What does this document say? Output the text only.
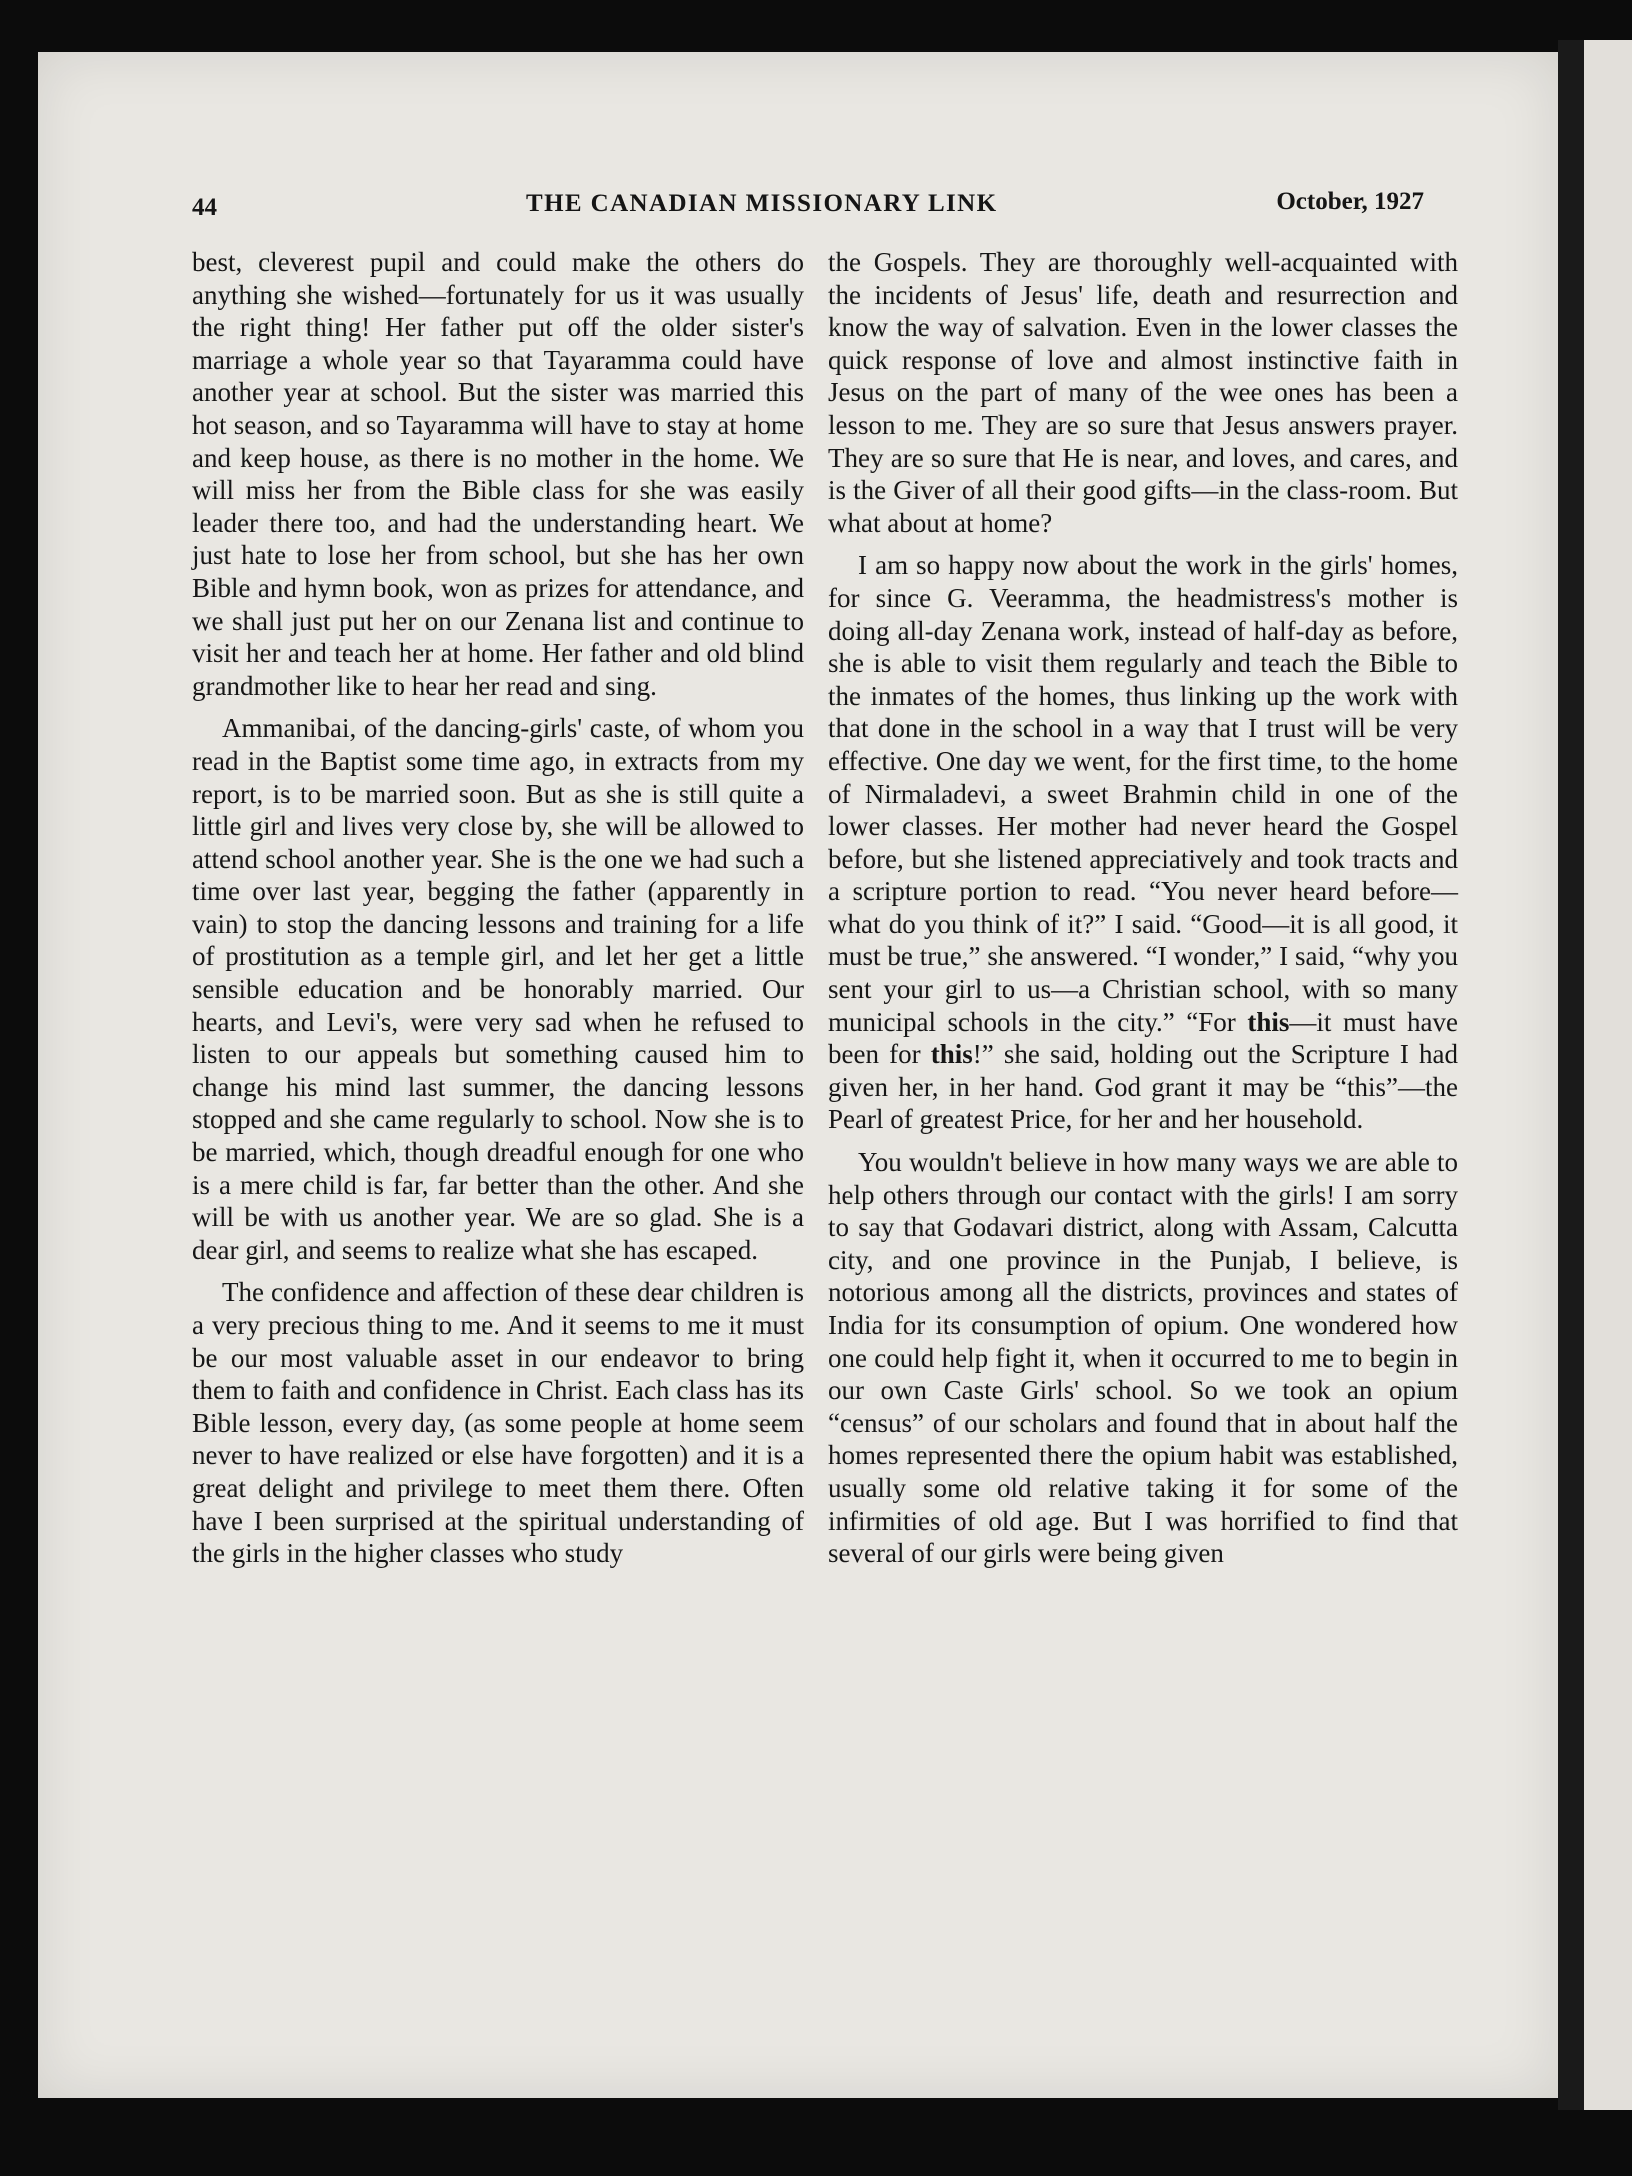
44	THE CANADIAN MISSIONARY LINK	October, 1927

best, cleverest pupil and could make the others do anything she wished—fortunately for us it was usually the right thing! Her father put off the older sister's marriage a whole year so that Tayaramma could have another year at school. But the sister was married this hot season, and so Tayaramma will have to stay at home and keep house, as there is no mother in the home. We will miss her from the Bible class for she was easily leader there too, and had the understanding heart. We just hate to lose her from school, but she has her own Bible and hymn book, won as prizes for attendance, and we shall just put her on our Zenana list and continue to visit her and teach her at home. Her father and old blind grandmother like to hear her read and sing.

Ammanibai, of the dancing-girls' caste, of whom you read in the Baptist some time ago, in extracts from my report, is to be married soon. But as she is still quite a little girl and lives very close by, she will be allowed to attend school another year. She is the one we had such a time over last year, begging the father (apparently in vain) to stop the dancing lessons and training for a life of prostitution as a temple girl, and let her get a little sensible education and be honorably married. Our hearts, and Levi's, were very sad when he refused to listen to our appeals but something caused him to change his mind last summer, the dancing lessons stopped and she came regularly to school. Now she is to be married, which, though dreadful enough for one who is a mere child is far, far better than the other. And she will be with us another year. We are so glad. She is a dear girl, and seems to realize what she has escaped.

The confidence and affection of these dear children is a very precious thing to me. And it seems to me it must be our most valuable asset in our endeavor to bring them to faith and confidence in Christ. Each class has its Bible lesson, every day, (as some people at home seem never to have realized or else have forgotten) and it is a great delight and privilege to meet them there. Often have I been surprised at the spiritual understanding of the girls in the higher classes who study

the Gospels. They are thoroughly well-acquainted with the incidents of Jesus' life, death and resurrection and know the way of salvation. Even in the lower classes the quick response of love and almost instinctive faith in Jesus on the part of many of the wee ones has been a lesson to me. They are so sure that Jesus answers prayer. They are so sure that He is near, and loves, and cares, and is the Giver of all their good gifts—in the class-room. But what about at home?

I am so happy now about the work in the girls' homes, for since G. Veeramma, the headmistress's mother is doing all-day Zenana work, instead of half-day as before, she is able to visit them regularly and teach the Bible to the inmates of the homes, thus linking up the work with that done in the school in a way that I trust will be very effective. One day we went, for the first time, to the home of Nirmaladevi, a sweet Brahmin child in one of the lower classes. Her mother had never heard the Gospel before, but she listened appreciatively and took tracts and a scripture portion to read. “You never heard before—what do you think of it?” I said. “Good—it is all good, it must be true,” she answered. “I wonder,” I said, “why you sent your girl to us—a Christian school, with so many municipal schools in the city.” “For this—it must have been for this!” she said, holding out the Scripture I had given her, in her hand. God grant it may be “this”—the Pearl of greatest Price, for her and her household.

You wouldn't believe in how many ways we are able to help others through our contact with the girls! I am sorry to say that Godavari district, along with Assam, Calcutta city, and one province in the Punjab, I believe, is notorious among all the districts, provinces and states of India for its consumption of opium. One wondered how one could help fight it, when it occurred to me to begin in our own Caste Girls' school. So we took an opium “census” of our scholars and found that in about half the homes represented there the opium habit was established, usually some old relative taking it for some of the infirmities of old age. But I was horrified to find that several of our girls were being given
